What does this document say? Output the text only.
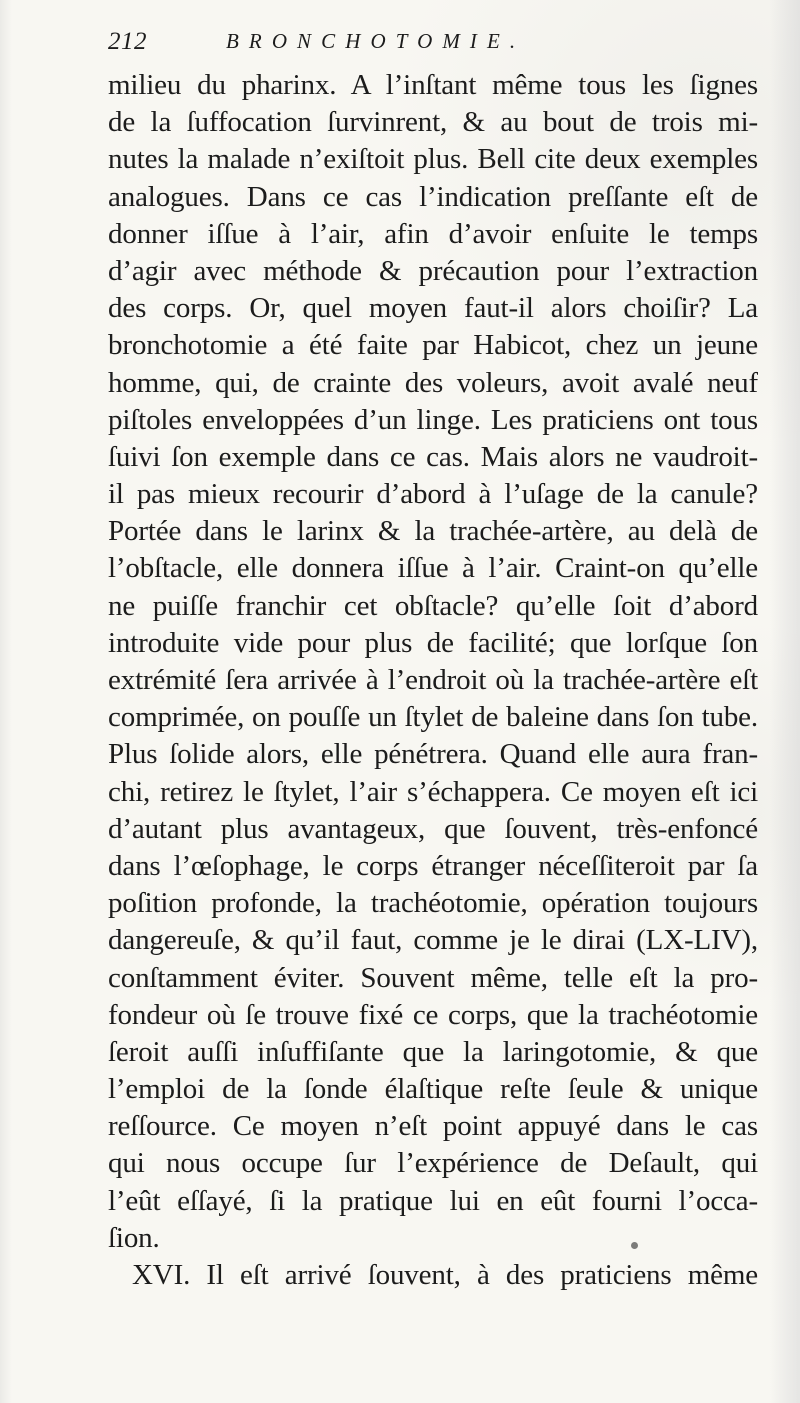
212	BRONCHOTOMIE.
milieu du pharinx. A l’inſtant même tous les ſignes
de la ſuffocation ſurvinrent, & au bout de trois mi-
nutes la malade n’exiſtoit plus. Bell cite deux exemples
analogues. Dans ce cas l’indication preſſante eſt de
donner iſſue à l’air, afin d’avoir enſuite le temps
d’agir avec méthode & précaution pour l’extraction
des corps. Or, quel moyen faut-il alors choiſir? La
bronchotomie a été faite par Habicot, chez un jeune
homme, qui, de crainte des voleurs, avoit avalé neuf
piſtoles enveloppées d’un linge. Les praticiens ont tous
ſuivi ſon exemple dans ce cas. Mais alors ne vaudroit-
il pas mieux recourir d’abord à l’uſage de la canule?
Portée dans le larinx & la trachée-artère, au delà de
l’obſtacle, elle donnera iſſue à l’air. Craint-on qu’elle
ne puiſſe franchir cet obſtacle? qu’elle ſoit d’abord
introduite vide pour plus de facilité; que lorſque ſon
extrémité ſera arrivée à l’endroit où la trachée-artère eſt
comprimée, on pouſſe un ſtylet de baleine dans ſon tube.
Plus ſolide alors, elle pénétrera. Quand elle aura fran-
chi, retirez le ſtylet, l’air s’échappera. Ce moyen eſt ici
d’autant plus avantageux, que ſouvent, très-enfoncé
dans l’œſophage, le corps étranger néceſſiteroit par ſa
poſition profonde, la trachéotomie, opération toujours
dangereuſe, & qu’il faut, comme je le dirai (LX-LIV),
conſtamment éviter. Souvent même, telle eſt la pro-
fondeur où ſe trouve fixé ce corps, que la trachéotomie
ſeroit auſſi inſuffiſante que la laringotomie, & que
l’emploi de la ſonde élaſtique reſte ſeule & unique
reſſource. Ce moyen n’eſt point appuyé dans le cas
qui nous occupe ſur l’expérience de Deſault, qui
l’eût eſſayé, ſi la pratique lui en eût fourni l’occa-
ſion.
XVI. Il eſt arrivé ſouvent, à des praticiens même
